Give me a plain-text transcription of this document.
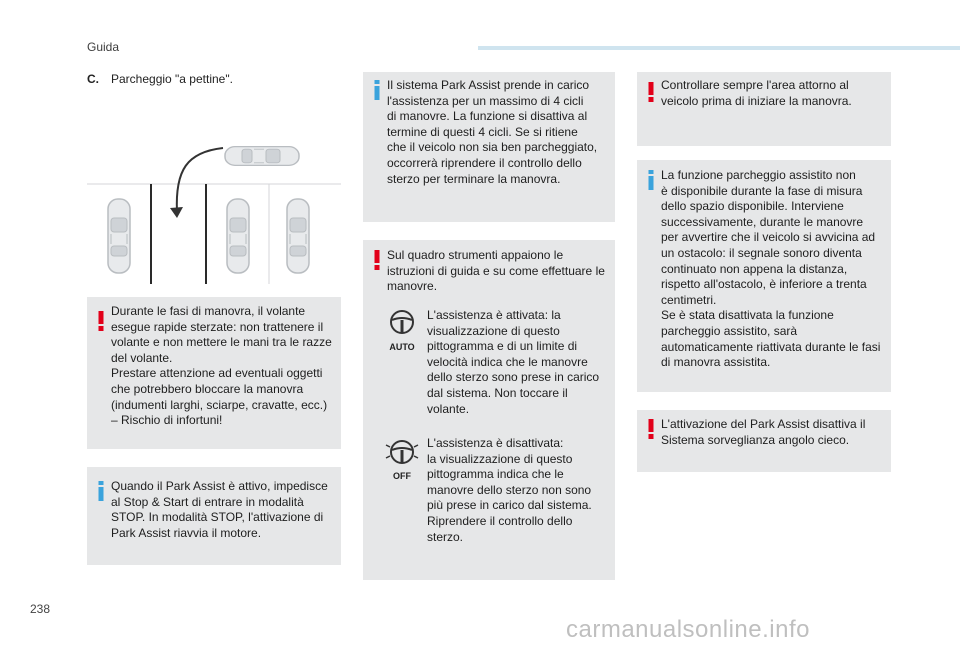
Guida
C. Parcheggio "a pettine".
Durante le fasi di manovra, il volante
esegue rapide sterzate: non trattenere il
volante e non mettere le mani tra le razze
del volante.
Prestare attenzione ad eventuali oggetti
che potrebbero bloccare la manovra
(indumenti larghi, sciarpe, cravatte, ecc.)
– Rischio di infortuni!
Quando il Park Assist è attivo, impedisce
al Stop & Start di entrare in modalità
STOP. In modalità STOP, l'attivazione di
Park Assist riavvia il motore.
Il sistema Park Assist prende in carico
l'assistenza per un massimo di 4 cicli
di manovre. La funzione si disattiva al
termine di questi 4 cicli. Se si ritiene
che il veicolo non sia ben parcheggiato,
occorrerà riprendere il controllo dello
sterzo per terminare la manovra.
Sul quadro strumenti appaiono le
istruzioni di guida e su come effettuare le
manovre.
AUTO
L'assistenza è attivata: la
visualizzazione di questo
pittogramma e di un limite di
velocità indica che le manovre
dello sterzo sono prese in carico
dal sistema. Non toccare il
volante.
OFF
L'assistenza è disattivata:
la visualizzazione di questo
pittogramma indica che le
manovre dello sterzo non sono
più prese in carico dal sistema.
Riprendere il controllo dello
sterzo.
Controllare sempre l'area attorno al
veicolo prima di iniziare la manovra.
La funzione parcheggio assistito non
è disponibile durante la fase di misura
dello spazio disponibile. Interviene
successivamente, durante le manovre
per avvertire che il veicolo si avvicina ad
un ostacolo: il segnale sonoro diventa
continuato non appena la distanza,
rispetto all'ostacolo, è inferiore a trenta
centimetri.
Se è stata disattivata la funzione
parcheggio assistito, sarà
automaticamente riattivata durante le fasi
di manovra assistita.
L'attivazione del Park Assist disattiva il
Sistema sorveglianza angolo cieco.
238
carmanualsonline.info
